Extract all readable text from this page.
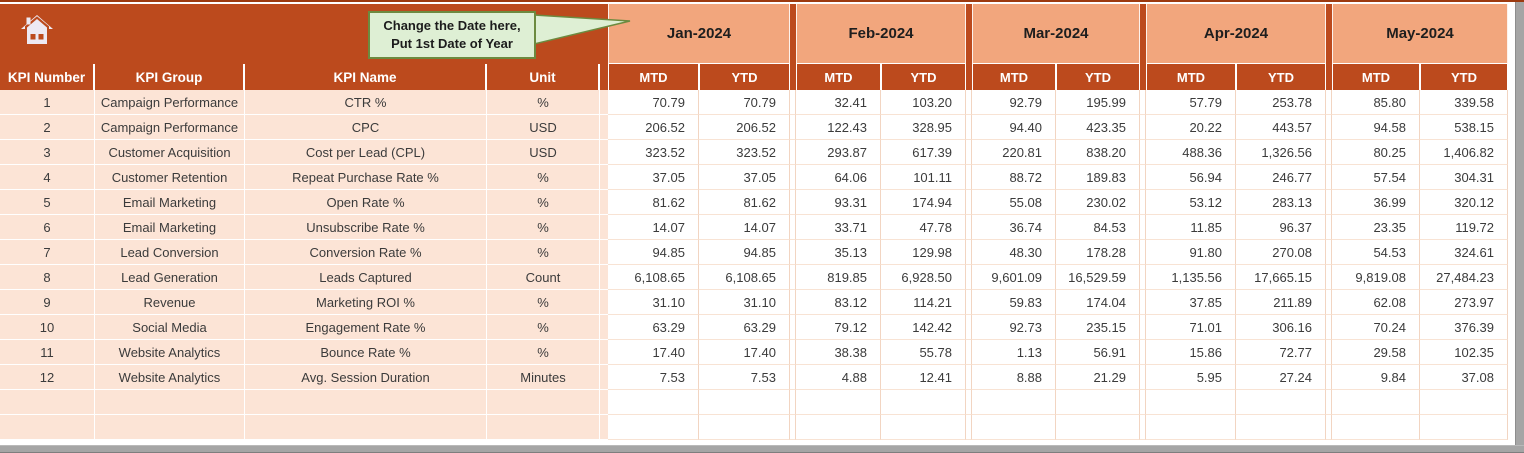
Jan-2024	Feb-2024	Mar-2024	Apr-2024	May-2024
KPI Number	KPI Group	KPI Name	Unit	MTD	YTD	MTD	YTD	MTD	YTD	MTD	YTD	MTD	YTD
1	Campaign Performance	CTR %	%	70.79	70.79	32.41	103.20	92.79	195.99	57.79	253.78	85.80	339.58
2	Campaign Performance	CPC	USD	206.52	206.52	122.43	328.95	94.40	423.35	20.22	443.57	94.58	538.15
3	Customer Acquisition	Cost per Lead (CPL)	USD	323.52	323.52	293.87	617.39	220.81	838.20	488.36	1,326.56	80.25	1,406.82
4	Customer Retention	Repeat Purchase Rate %	%	37.05	37.05	64.06	101.11	88.72	189.83	56.94	246.77	57.54	304.31
5	Email Marketing	Open Rate %	%	81.62	81.62	93.31	174.94	55.08	230.02	53.12	283.13	36.99	320.12
6	Email Marketing	Unsubscribe Rate %	%	14.07	14.07	33.71	47.78	36.74	84.53	11.85	96.37	23.35	119.72
7	Lead Conversion	Conversion Rate %	%	94.85	94.85	35.13	129.98	48.30	178.28	91.80	270.08	54.53	324.61
8	Lead Generation	Leads Captured	Count	6,108.65	6,108.65	819.85	6,928.50	9,601.09	16,529.59	1,135.56	17,665.15	9,819.08	27,484.23
9	Revenue	Marketing ROI %	%	31.10	31.10	83.12	114.21	59.83	174.04	37.85	211.89	62.08	273.97
10	Social Media	Engagement Rate %	%	63.29	63.29	79.12	142.42	92.73	235.15	71.01	306.16	70.24	376.39
11	Website Analytics	Bounce Rate %	%	17.40	17.40	38.38	55.78	1.13	56.91	15.86	72.77	29.58	102.35
12	Website Analytics	Avg. Session Duration	Minutes	7.53	7.53	4.88	12.41	8.88	21.29	5.95	27.24	9.84	37.08
Change the Date here,
Put 1st Date of Year
